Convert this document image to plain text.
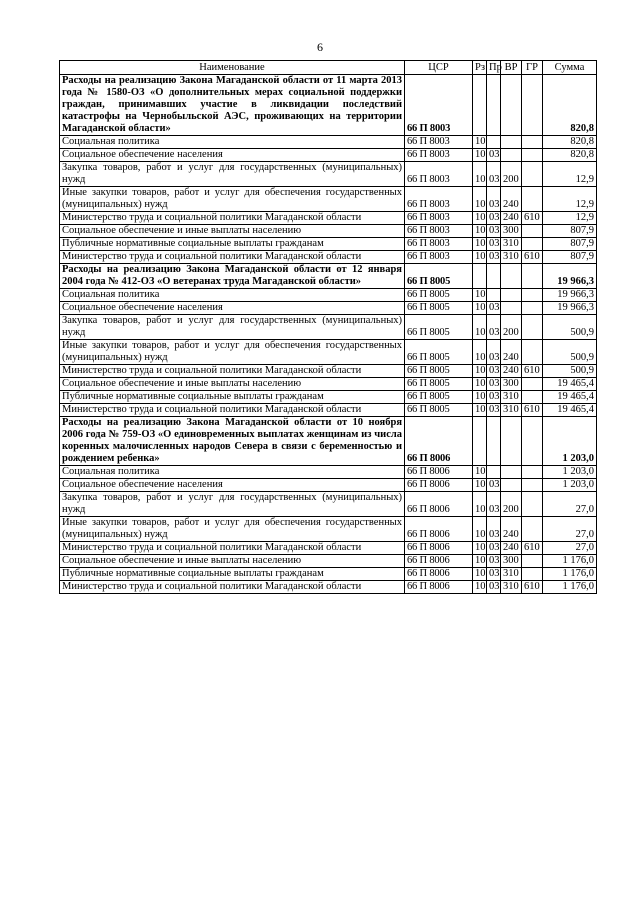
6
Наименование	ЦСР	Рз	Пр	ВР	ГР	Сумма
Расходы на реализацию Закона Магаданской области от 11 марта 2013 года № 1580-ОЗ «О дополнительных мерах социальной поддержки граждан, принимавших участие в ликвидации последствий катастрофы на Чернобыльской АЭС, проживающих на территории Магаданской области»	66 П 8003					820,8
Социальная политика	66 П 8003	10				820,8
Социальное обеспечение населения	66 П 8003	10	03			820,8
Закупка товаров, работ и услуг для государственных (муниципальных) нужд	66 П 8003	10	03	200		12,9
Иные закупки товаров, работ и услуг для обеспечения государственных (муниципальных) нужд	66 П 8003	10	03	240		12,9
Министерство труда и социальной политики Магаданской области	66 П 8003	10	03	240	610	12,9
Социальное обеспечение и иные выплаты населению	66 П 8003	10	03	300		807,9
Публичные нормативные социальные выплаты гражданам	66 П 8003	10	03	310		807,9
Министерство труда и социальной политики Магаданской области	66 П 8003	10	03	310	610	807,9
Расходы на реализацию Закона Магаданской области от 12 января 2004 года № 412-ОЗ «О ветеранах труда Магаданской области»	66 П 8005					19 966,3
Социальная политика	66 П 8005	10				19 966,3
Социальное обеспечение населения	66 П 8005	10	03			19 966,3
Закупка товаров, работ и услуг для государственных (муниципальных) нужд	66 П 8005	10	03	200		500,9
Иные закупки товаров, работ и услуг для обеспечения государственных (муниципальных) нужд	66 П 8005	10	03	240		500,9
Министерство труда и социальной политики Магаданской области	66 П 8005	10	03	240	610	500,9
Социальное обеспечение и иные выплаты населению	66 П 8005	10	03	300		19 465,4
Публичные нормативные социальные выплаты гражданам	66 П 8005	10	03	310		19 465,4
Министерство труда и социальной политики Магаданской области	66 П 8005	10	03	310	610	19 465,4
Расходы на реализацию Закона Магаданской области от 10 ноября 2006 года № 759-ОЗ «О единовременных выплатах женщинам из числа коренных малочисленных народов Севера в связи с беременностью и рождением ребенка»	66 П 8006					1 203,0
Социальная политика	66 П 8006	10				1 203,0
Социальное обеспечение населения	66 П 8006	10	03			1 203,0
Закупка товаров, работ и услуг для государственных (муниципальных) нужд	66 П 8006	10	03	200		27,0
Иные закупки товаров, работ и услуг для обеспечения государственных (муниципальных) нужд	66 П 8006	10	03	240		27,0
Министерство труда и социальной политики Магаданской области	66 П 8006	10	03	240	610	27,0
Социальное обеспечение и иные выплаты населению	66 П 8006	10	03	300		1 176,0
Публичные нормативные социальные выплаты гражданам	66 П 8006	10	03	310		1 176,0
Министерство труда и социальной политики Магаданской области	66 П 8006	10	03	310	610	1 176,0
